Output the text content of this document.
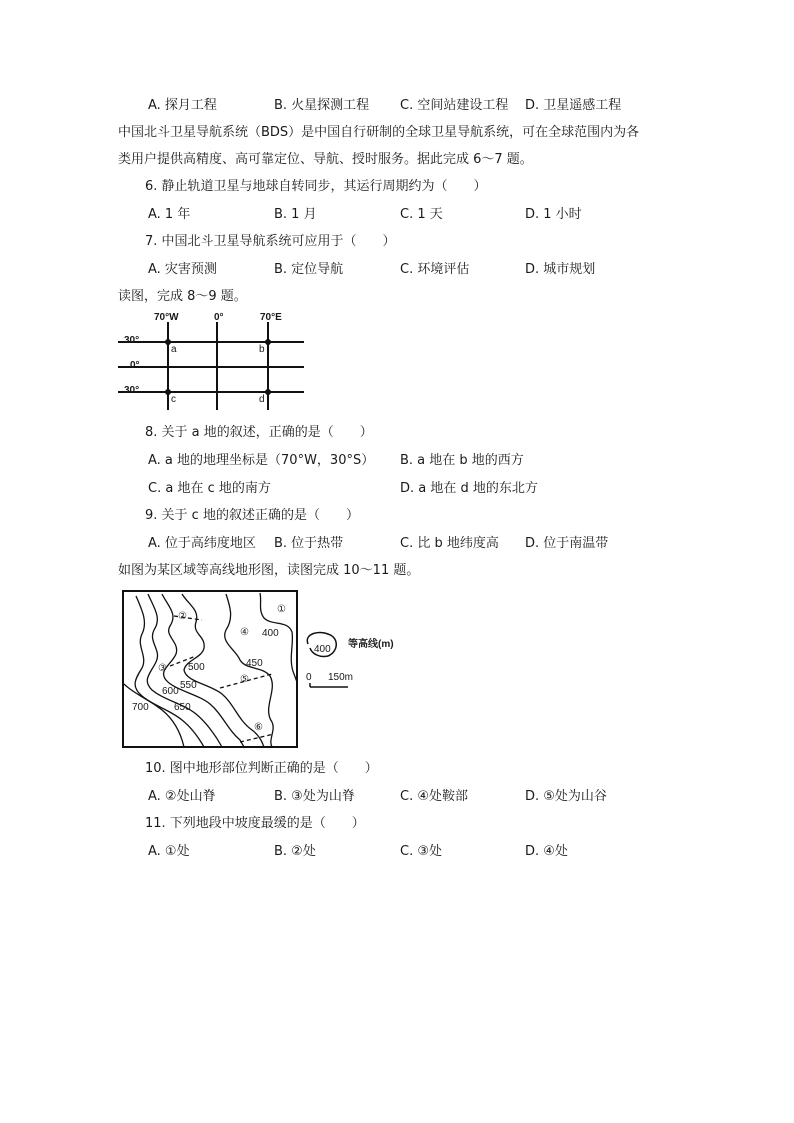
A. 探月工程	B. 火星探测工程 C. 空间站建设工程 D. 卫星遥感工程
中国北斗卫星导航系统（BDS）是中国自行研制的全球卫星导航系统，可在全球范围内为各
类用户提供高精度、高可靠定位、导航、授时服务。据此完成 6～7 题。
6. 静止轨道卫星与地球自转同步，其运行周期约为（　　）
A. 1 年	B. 1 月	C. 1 天	D. 1 小时
7. 中国北斗卫星导航系统可应用于（　　）
A. 灾害预测	B. 定位导航	C. 环境评估	D. 城市规划
读图，完成 8～9 题。
70°W	0°	70°E
30°
0°
30°
a	b
c	d
8. 关于 a 地的叙述，正确的是（　　）
A. a 地的地理坐标是（70°W，30°S） B. a 地在 b 地的西方
C. a 地在 c 地的南方	D. a 地在 d 地的东北方
9. 关于 c 地的叙述正确的是（　　）
A. 位于高纬度地区 B. 位于热带	C. 比 b 地纬度高 D. 位于南温带
如图为某区域等高线地形图，读图完成 10～11 题。
①
②
③
④
⑤
⑥
400
450
500
550
600
650
700
400 等高线(m)
0 150m
10. 图中地形部位判断正确的是（　　）
A. ②处山脊	B. ③处为山脊	C. ④处鞍部	D. ⑤处为山谷
11. 下列地段中坡度最缓的是（　　）
A. ①处	B. ②处	C. ③处	D. ④处
